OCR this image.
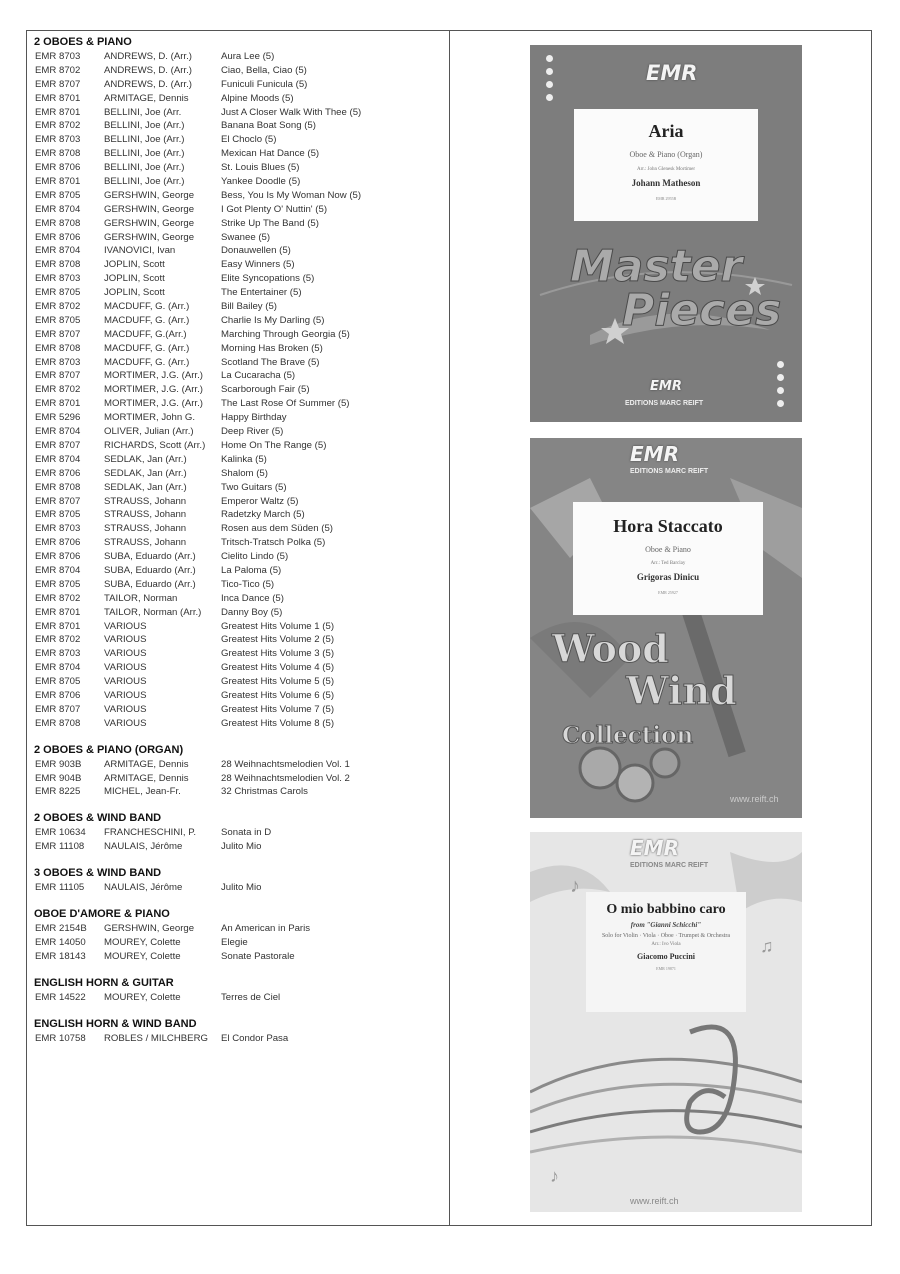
2 OBOES & PIANO
EMR 8703 ANDREWS, D. (Arr.)	Aura Lee (5)
EMR 8702 ANDREWS, D. (Arr.)	Ciao, Bella, Ciao (5)
EMR 8707 ANDREWS, D. (Arr.)	Funiculi Funicula (5)
EMR 8701 ARMITAGE, Dennis	Alpine Moods (5)
EMR 8701 BELLINI, Joe (Arr.	Just A Closer Walk With Thee (5)
EMR 8702 BELLINI, Joe (Arr.)	Banana Boat Song (5)
EMR 8703 BELLINI, Joe (Arr.)	El Choclo (5)
EMR 8708 BELLINI, Joe (Arr.)	Mexican Hat Dance (5)
EMR 8706 BELLINI, Joe (Arr.)	St. Louis Blues (5)
EMR 8701 BELLINI, Joe (Arr.)	Yankee Doodle (5)
EMR 8705 GERSHWIN, George	Bess, You Is My Woman Now (5)
EMR 8704 GERSHWIN, George	I Got Plenty O' Nuttin' (5)
EMR 8708 GERSHWIN, George	Strike Up The Band (5)
EMR 8706 GERSHWIN, George	Swanee (5)
EMR 8704 IVANOVICI, Ivan	Donauwellen (5)
EMR 8708 JOPLIN, Scott	Easy Winners (5)
EMR 8703 JOPLIN, Scott	Elite Syncopations (5)
EMR 8705 JOPLIN, Scott	The Entertainer (5)
EMR 8702 MACDUFF, G. (Arr.)	Bill Bailey (5)
EMR 8705 MACDUFF, G. (Arr.)	Charlie Is My Darling (5)
EMR 8707 MACDUFF, G.(Arr.)	Marching Through Georgia (5)
EMR 8708 MACDUFF, G. (Arr.)	Morning Has Broken (5)
EMR 8703 MACDUFF, G. (Arr.)	Scotland The Brave (5)
EMR 8707 MORTIMER, J.G. (Arr.) La Cucaracha (5)
EMR 8702 MORTIMER, J.G. (Arr.) Scarborough Fair (5)
EMR 8701 MORTIMER, J.G. (Arr.) The Last Rose Of Summer (5)
EMR 5296 MORTIMER, John G.	Happy Birthday
EMR 8704 OLIVER, Julian (Arr.)	Deep River (5)
EMR 8707 RICHARDS, Scott (Arr.) Home On The Range (5)
EMR 8704 SEDLAK, Jan (Arr.)	Kalinka (5)
EMR 8706 SEDLAK, Jan (Arr.)	Shalom (5)
EMR 8708 SEDLAK, Jan (Arr.)	Two Guitars (5)
EMR 8707 STRAUSS, Johann	Emperor Waltz (5)
EMR 8705 STRAUSS, Johann	Radetzky March (5)
EMR 8703 STRAUSS, Johann	Rosen aus dem Süden (5)
EMR 8706 STRAUSS, Johann	Tritsch-Tratsch Polka (5)
EMR 8706 SUBA, Eduardo (Arr.)	Cielito Lindo (5)
EMR 8704 SUBA, Eduardo (Arr.)	La Paloma (5)
EMR 8705 SUBA, Eduardo (Arr.)	Tico-Tico (5)
EMR 8702 TAILOR, Norman	Inca Dance (5)
EMR 8701 TAILOR, Norman (Arr.) Danny Boy (5)
EMR 8701 VARIOUS	Greatest Hits Volume 1 (5)
EMR 8702 VARIOUS	Greatest Hits Volume 2 (5)
EMR 8703 VARIOUS	Greatest Hits Volume 3 (5)
EMR 8704 VARIOUS	Greatest Hits Volume 4 (5)
EMR 8705 VARIOUS	Greatest Hits Volume 5 (5)
EMR 8706 VARIOUS	Greatest Hits Volume 6 (5)
EMR 8707 VARIOUS	Greatest Hits Volume 7 (5)
EMR 8708 VARIOUS	Greatest Hits Volume 8 (5)
2 OBOES & PIANO (ORGAN)
EMR 903B ARMITAGE, Dennis	28 Weihnachtsmelodien Vol. 1
EMR 904B ARMITAGE, Dennis	28 Weihnachtsmelodien Vol. 2
EMR 8225 MICHEL, Jean-Fr.	32 Christmas Carols
2 OBOES & WIND BAND
EMR 10634 FRANCHESCHINI, P.	Sonata in D
EMR 11108 NAULAIS, Jérôme	Julito Mio
3 OBOES & WIND BAND
EMR 11105 NAULAIS, Jérôme	Julito Mio
OBOE D'AMORE & PIANO
EMR 2154B GERSHWIN, George	An American in Paris
EMR 14050 MOUREY, Colette	Elegie
EMR 18143 MOUREY, Colette	Sonate Pastorale
ENGLISH HORN & GUITAR
EMR 14522 MOUREY, Colette	Terres de Ciel
ENGLISH HORN & WIND BAND
EMR 10758 ROBLES / MILCHBERG El Condor Pasa
EMR
Aria
Oboe & Piano (Organ)
Arr.: John Glenesk Mortimer
Johann Matheson
EMR 2955B
Master
Pieces
EMR
EDITIONS MARC REIFT
EMR
EDITIONS MARC REIFT
Hora Staccato
Oboe & Piano
Arr.: Ted Barclay
Grigoras Dinicu
EMR 25927
Wood
Wind
Collection
www.reift.ch
♪
♫
♪
EMR
EDITIONS MARC REIFT
O mio babbino caro
from "Gianni Schicchi"
Solo for Violin · Viola · Oboe · Trumpet & Orchestra
Arr.: Ivo Viola
Giacomo Puccini
EMR 19871
www.reift.ch
